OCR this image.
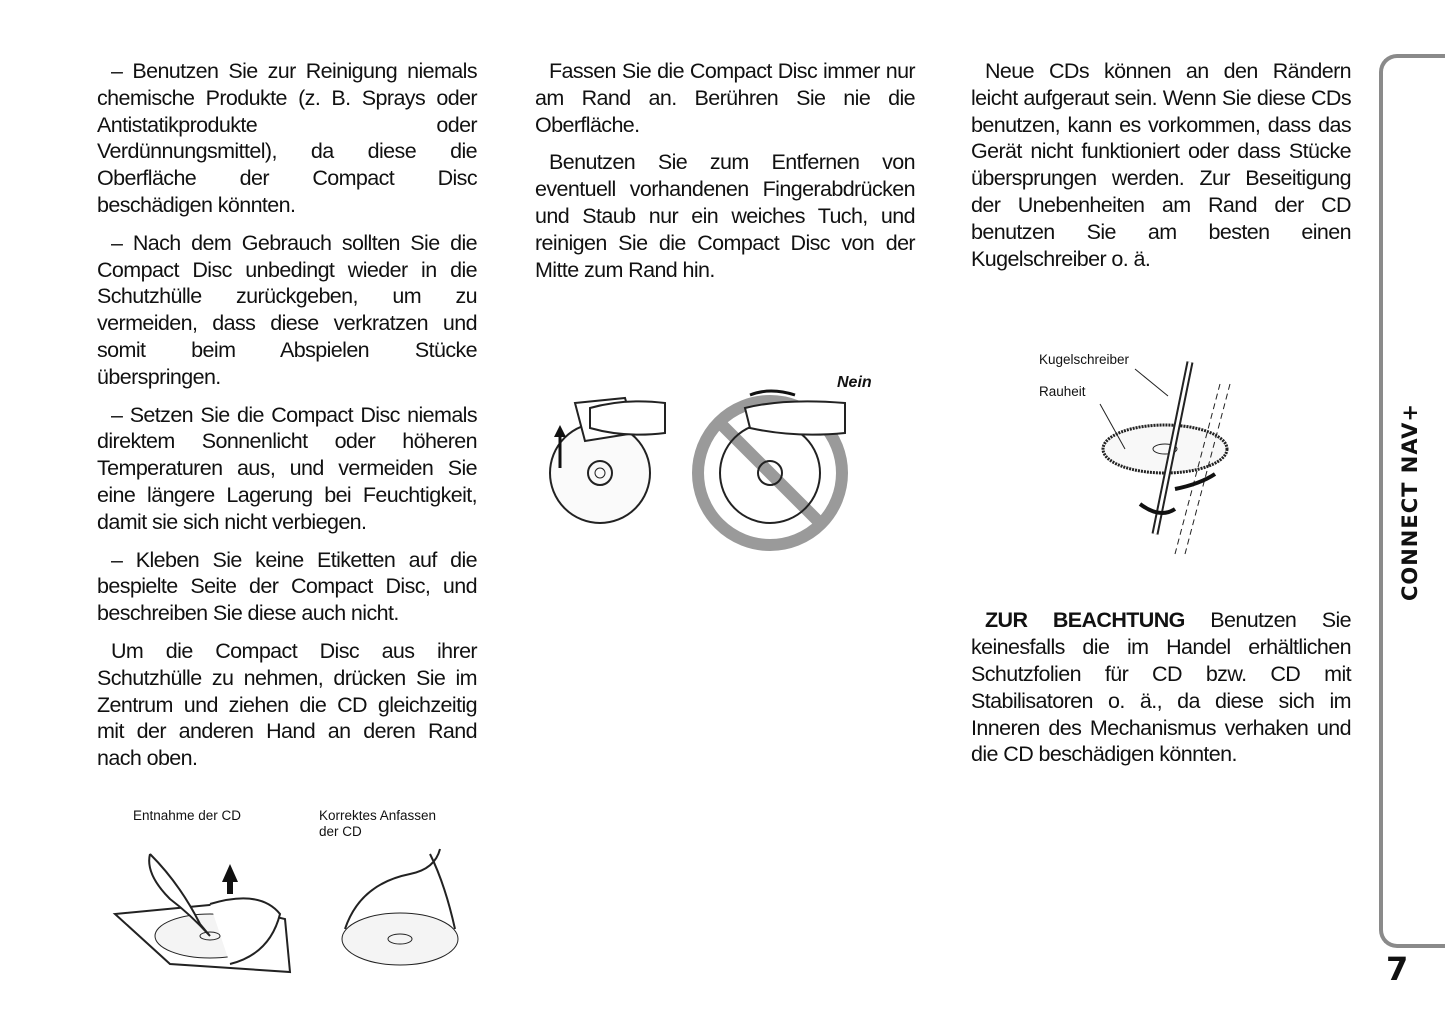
– Benutzen Sie zur Reinigung niemals chemische Produkte (z. B. Sprays oder Antistatikprodukte oder Verdünnungsmittel), da diese die Oberfläche der Compact Disc beschädigen könnten.

– Nach dem Gebrauch sollten Sie die Compact Disc unbedingt wieder in die Schutzhülle zurückgeben, um zu vermeiden, dass diese verkratzen und somit beim Abspielen Stücke überspringen.

– Setzen Sie die Compact Disc niemals direktem Sonnenlicht oder höheren Temperaturen aus, und vermeiden Sie eine längere Lagerung bei Feuchtigkeit, damit sie sich nicht verbiegen.

– Kleben Sie keine Etiketten auf die bespielte Seite der Compact Disc, und beschreiben Sie diese auch nicht.

Um die Compact Disc aus ihrer Schutzhülle zu nehmen, drücken Sie im Zentrum und ziehen die CD gleichzeitig mit der anderen Hand an deren Rand nach oben.

Entnahme der CD	Korrektes Anfassen der CD

Fassen Sie die Compact Disc immer nur am Rand an. Berühren Sie nie die Oberfläche.

Benutzen Sie zum Entfernen von eventuell vorhandenen Fingerabdrücken und Staub nur ein weiches Tuch, und reinigen Sie die Compact Disc von der Mitte zum Rand hin.

Nein

Neue CDs können an den Rändern leicht aufgeraut sein. Wenn Sie diese CDs benutzen, kann es vorkommen, dass das Gerät nicht funktioniert oder dass Stücke übersprungen werden. Zur Beseitigung der Unebenheiten am Rand der CD benutzen Sie am besten einen Kugelschreiber o. ä.

Kugelschreiber
Rauheit

ZUR BEACHTUNG Benutzen Sie keinesfalls die im Handel erhältlichen Schutzfolien für CD bzw. CD mit Stabilisatoren o. ä., da diese sich im Inneren des Mechanismus verhaken und die CD beschädigen könnten.

CONNECT NAV+
7
